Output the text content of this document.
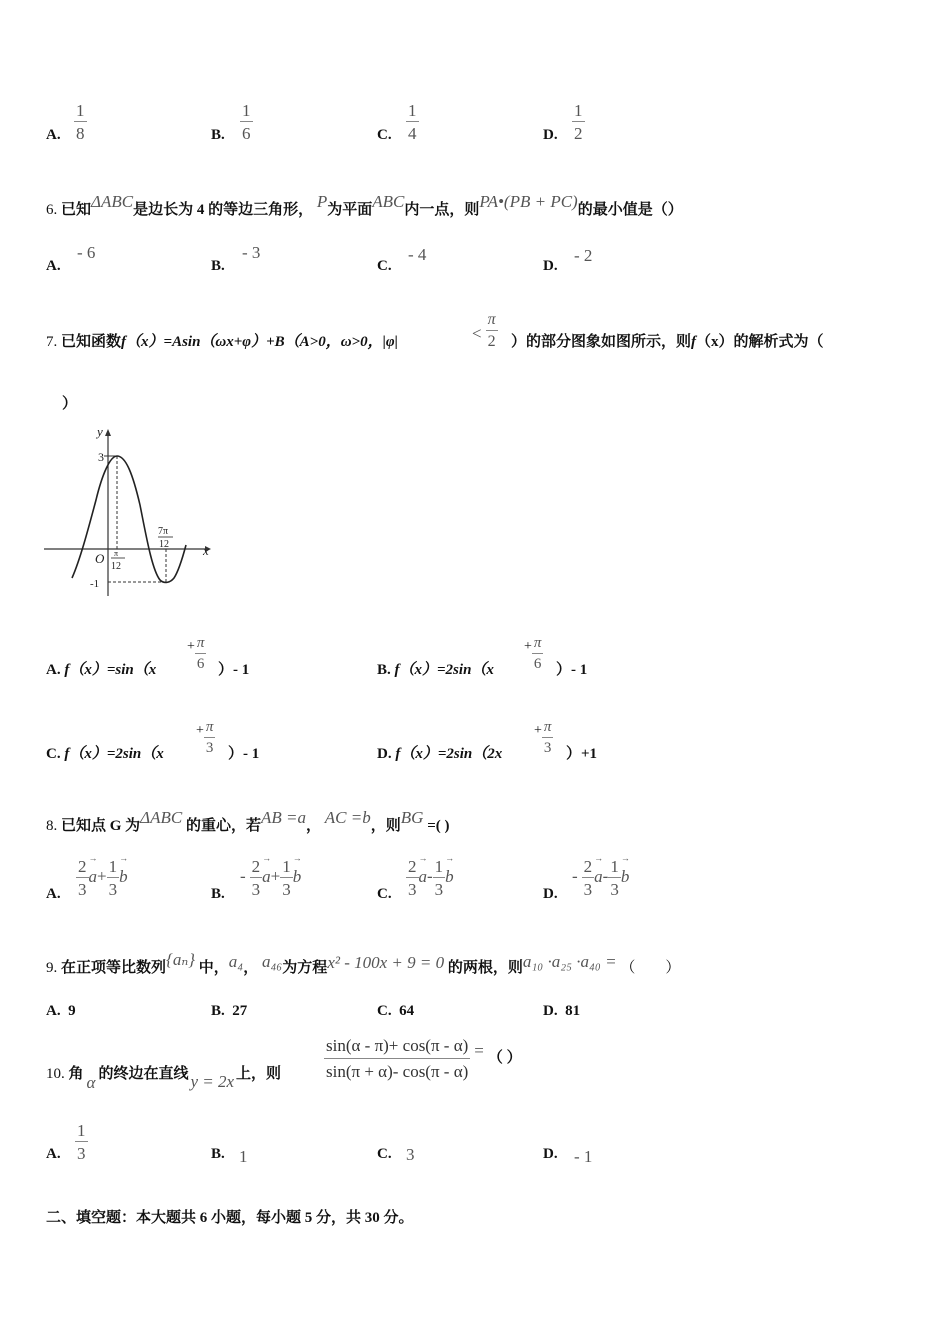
A. $\frac{1}{8}$	B. $\frac{1}{6}$	C. $\frac{1}{4}$	D. $\frac{1}{2}$
6. 已知ΔABC是边长为 4 的等边三角形， P为平面ABC内一点，则PA•(PB + PC)的最小值是（）
A.
- 6
B.
- 3
C.
- 4
D.
- 2
7. 已知函数f（x）=Asin（ωx+φ）+B（A>0，ω>0，|φ|	< $\frac{\pi}{2}$ ）的部分图象如图所示，则f（x）的解析式为（
）
y
x
O
3
-1
π
12
7π
12
A. f（x）=sin（x
+ $\frac{\pi}{6}$ ）- 1	B. f（x）=2sin（x
+ $\frac{\pi}{6}$ ）- 1
C. f（x）=2sin（x
+ $\frac{\pi}{3}$ ）- 1	D. f（x）=2sin（2x
+ $\frac{\pi}{3} )+1$
8. 已知点 G 为ΔABC 的重心，若AB =a， AC =b，则BG =( )
A. $\frac{2}{3} \to a+ \frac{1}{3} \to b$
B.
- $\frac{2}{3} \to a+ \frac{1}{3} \to b$
C. $\frac{2}{3} \to a- \frac{1}{3} \to b$
D.
- $\frac{2}{3} \to a- \frac{1}{3} \to b$
9. 在正项等比数列{aₙ} 中，a₄， a₄₆为方程x² - 100x + 9 = 0 的两根，则a₁₀ ·a₂₅ ·a₄₀ = （　　）
A. 9	B. 27	C. 64	D. 81
10. 角 α 的终边在直线 y = 2x 上，则	$\frac{\sin(\alpha - \pi)+ \cos(\pi - \alpha)}{\sin(\pi + \alpha)- \cos(\pi - \alpha)}$ = （ ）
A. $\frac{1}{3}$	B. 1	C. 3	D. - 1
二、填空题：本大题共 6 小题，每小题 5 分，共 30 分。
